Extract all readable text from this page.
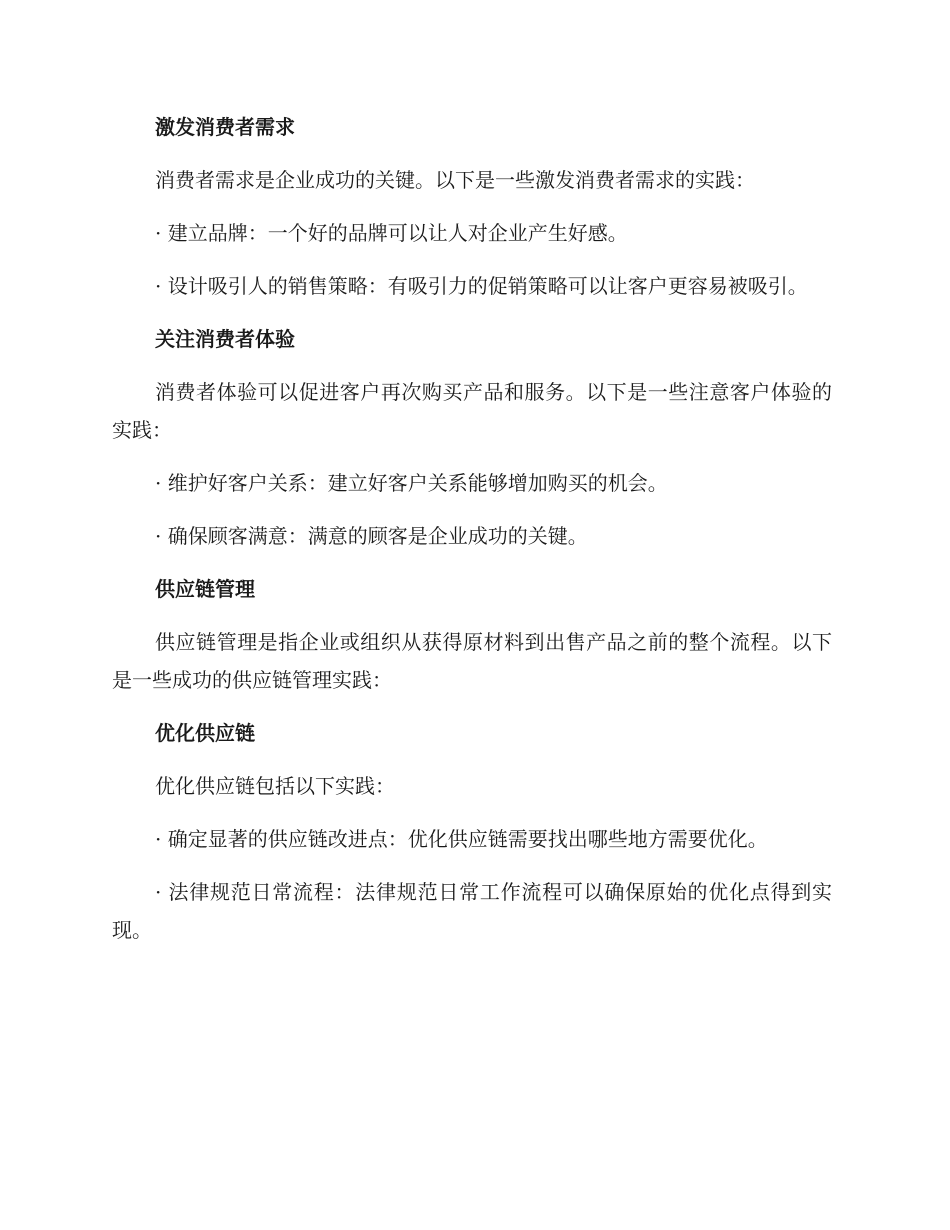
激发消费者需求

消费者需求是企业成功的关键。以下是一些激发消费者需求的实践：

· 建立品牌：一个好的品牌可以让人对企业产生好感。

· 设计吸引人的销售策略：有吸引力的促销策略可以让客户更容易被吸引。

关注消费者体验

消费者体验可以促进客户再次购买产品和服务。以下是一些注意客户体验的实践：

· 维护好客户关系：建立好客户关系能够增加购买的机会。

· 确保顾客满意：满意的顾客是企业成功的关键。

供应链管理

供应链管理是指企业或组织从获得原材料到出售产品之前的整个流程。以下是一些成功的供应链管理实践：

优化供应链

优化供应链包括以下实践：

· 确定显著的供应链改进点：优化供应链需要找出哪些地方需要优化。

· 法律规范日常流程：法律规范日常工作流程可以确保原始的优化点得到实现。
